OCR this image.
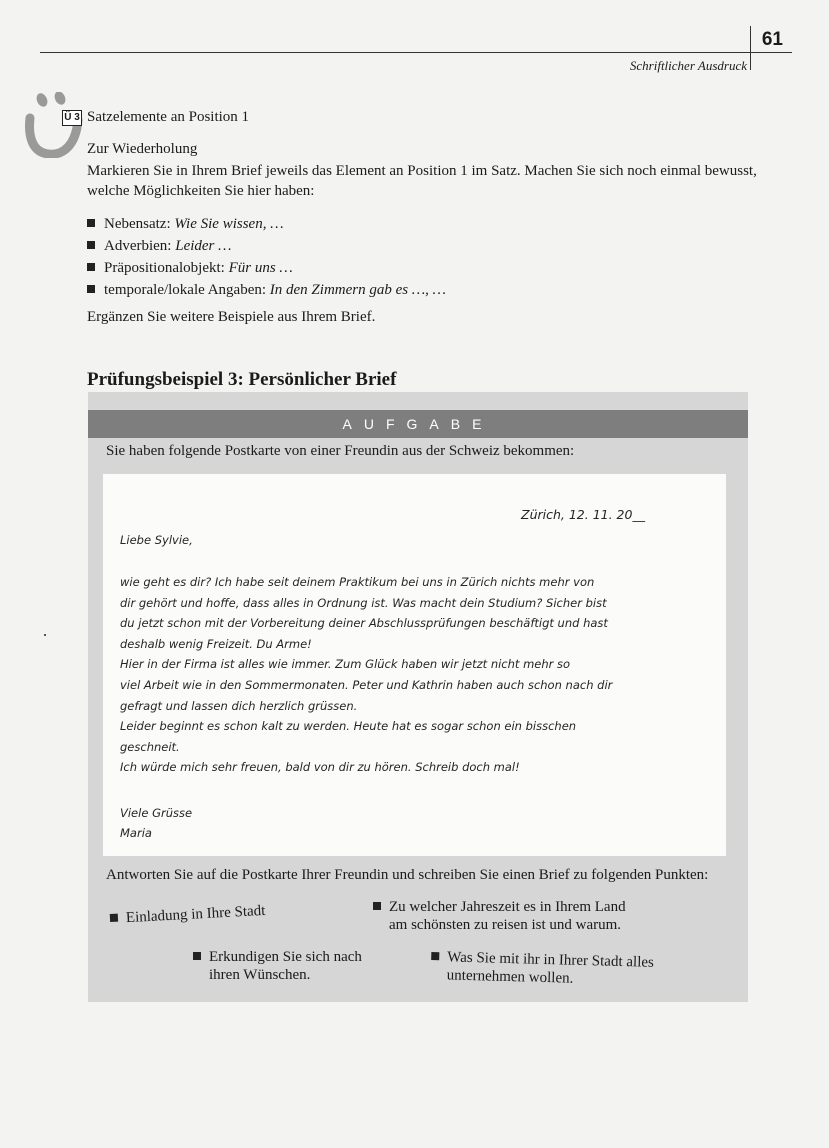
61
Schriftlicher Ausdruck
Ü 3 Satzelemente an Position 1
Zur Wiederholung
Markieren Sie in Ihrem Brief jeweils das Element an Position 1 im Satz. Machen Sie sich noch einmal bewusst, welche Möglichkeiten Sie hier haben:
Nebensatz: Wie Sie wissen, …
Adverbien: Leider …
Präpositionalobjekt: Für uns …
temporale/lokale Angaben: In den Zimmern gab es …, …
Ergänzen Sie weitere Beispiele aus Ihrem Brief.
Prüfungsbeispiel 3: Persönlicher Brief
AUFGABE
Sie haben folgende Postkarte von einer Freundin aus der Schweiz bekommen:
Zürich, 12. 11. 20__
Liebe Sylvie,
wie geht es dir? Ich habe seit deinem Praktikum bei uns in Zürich nichts mehr von
dir gehört und hoffe, dass alles in Ordnung ist. Was macht dein Studium? Sicher bist
du jetzt schon mit der Vorbereitung deiner Abschlussprüfungen beschäftigt und hast
deshalb wenig Freizeit. Du Arme!
Hier in der Firma ist alles wie immer. Zum Glück haben wir jetzt nicht mehr so
viel Arbeit wie in den Sommermonaten. Peter und Kathrin haben auch schon nach dir
gefragt und lassen dich herzlich grüssen.
Leider beginnt es schon kalt zu werden. Heute hat es sogar schon ein bisschen
geschneit.
Ich würde mich sehr freuen, bald von dir zu hören. Schreib doch mal!
Viele Grüsse
Maria
Antworten Sie auf die Postkarte Ihrer Freundin und schreiben Sie einen Brief zu folgenden Punkten:
Einladung in Ihre Stadt	Zu welcher Jahreszeit es in Ihrem Land
am schönsten zu reisen ist und warum.
Erkundigen Sie sich nach
ihren Wünschen.
Was Sie mit ihr in Ihrer Stadt alles
unternehmen wollen.
